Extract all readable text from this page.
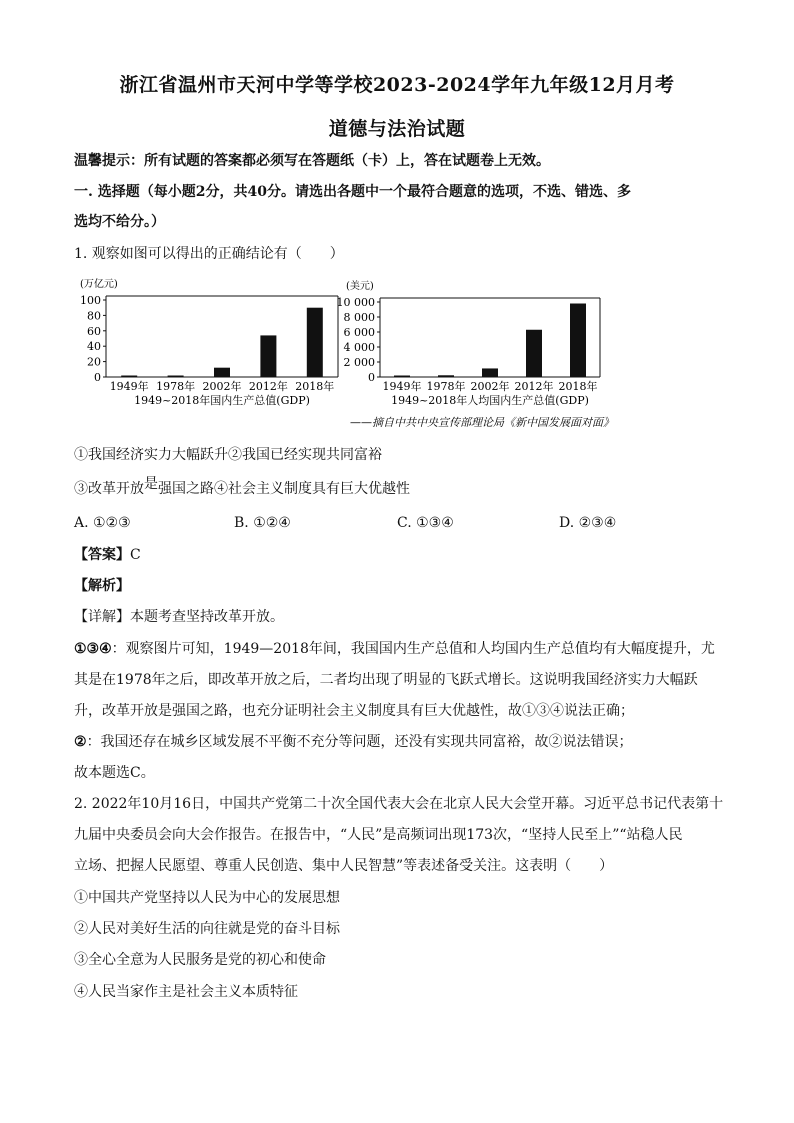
浙江省温州市天河中学等学校2023-2024学年九年级12月月考
道德与法治试题
温馨提示：所有试题的答案都必须写在答题纸（卡）上，答在试题卷上无效。
一. 选择题（每小题2分，共40分。请选出各题中一个最符合题意的选项，不选、错选、多
选均不给分。）
1. 观察如图可以得出的正确结论有（　　）
(万亿元)
100
80
60
40
20
0
1949年 1978年 2002年 2012年 2018年
1949~2018年国内生产总值(GDP)
(美元)
10 000
8 000
6 000
4 000
2 000
0
1949年 1978年 2002年 2012年 2018年
1949~2018年人均国内生产总值(GDP)
——摘自中共中央宣传部理论局《新中国发展面对面》
①我国经济实力大幅跃升②我国已经实现共同富裕
③改革开放是强国之路④社会主义制度具有巨大优越性
A. ①②③	B. ①②④	C. ①③④	D. ②③④
【答案】C
【解析】
【详解】本题考查坚持改革开放。
①③④：观察图片可知，1949—2018年间，我国国内生产总值和人均国内生产总值均有大幅度提升，尤
其是在1978年之后，即改革开放之后，二者均出现了明显的飞跃式增长。这说明我国经济实力大幅跃
升，改革开放是强国之路，也充分证明社会主义制度具有巨大优越性，故①③④说法正确；
②：我国还存在城乡区域发展不平衡不充分等问题，还没有实现共同富裕，故②说法错误；
故本题选C。
2. 2022年10月16日，中国共产党第二十次全国代表大会在北京人民大会堂开幕。习近平总书记代表第十
九届中央委员会向大会作报告。在报告中，“人民”是高频词出现173次，“坚持人民至上”“站稳人民
立场、把握人民愿望、尊重人民创造、集中人民智慧”等表述备受关注。这表明（　　）
①中国共产党坚持以人民为中心的发展思想
②人民对美好生活的向往就是党的奋斗目标
③全心全意为人民服务是党的初心和使命
④人民当家作主是社会主义本质特征
